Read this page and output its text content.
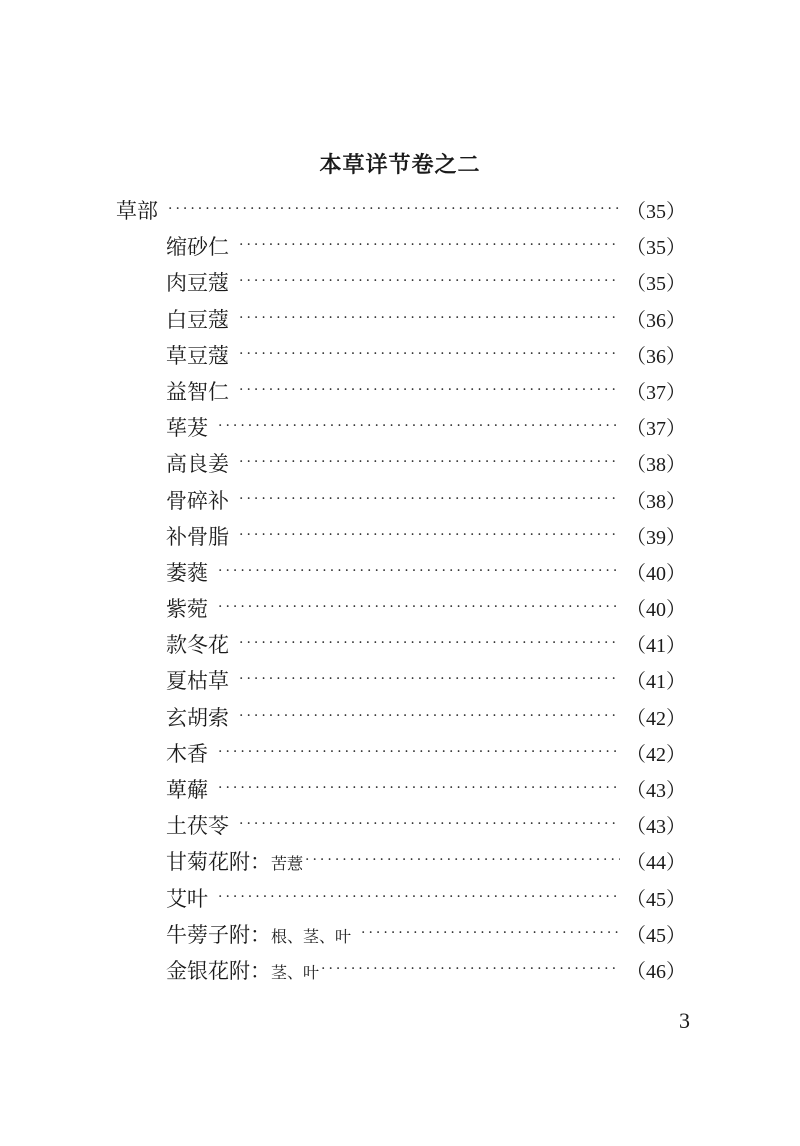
本草详节卷之二
草部 ·····	（35）
缩砂仁 ·····	（35）
肉豆蔻 ·····	（35）
白豆蔻 ·····	（36）
草豆蔻 ·····	（36）
益智仁 ·····	（37）
荜茇 ·····	（37）
高良姜 ·····	（38）
骨碎补 ·····	（38）
补骨脂 ·····	（39）
萎蕤 ·····	（40）
紫菀 ·····	（40）
款冬花 ·····	（41）
夏枯草 ·····	（41）
玄胡索 ·····	（42）
木香 ·····	（42）
萆薢 ·····	（43）
土茯苓 ·····	（43）
甘菊花附： 苦薏 ·····	（44）
艾叶 ·····	（45）
牛蒡子附： 根、茎、叶 ·····	（45）
金银花附： 茎、叶 ·····	（46）
3
